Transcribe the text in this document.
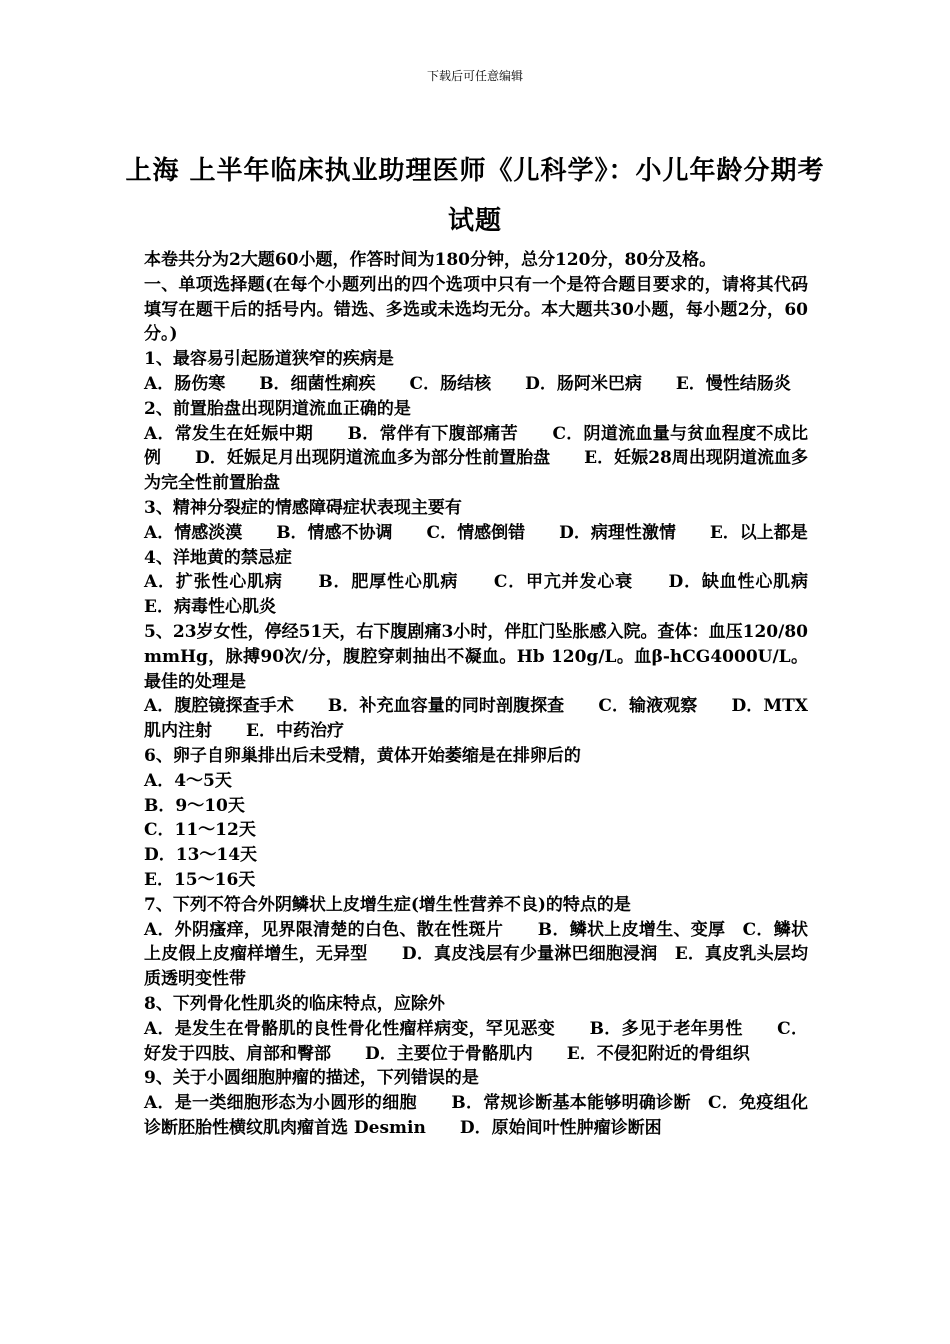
下载后可任意编辑
上海 上半年临床执业助理医师《儿科学》：小儿年龄分期考试题

本卷共分为2大题60小题，作答时间为180分钟，总分120分，80分及格。

一、单项选择题(在每个小题列出的四个选项中只有一个是符合题目要求的，请将其代码填写在题干后的括号内。错选、多选或未选均无分。本大题共30小题，每小题2分，60分。)

1、最容易引起肠道狭窄的疾病是

A．肠伤寒　　B．细菌性痢疾　　C．肠结核　　D．肠阿米巴病　　E．慢性结肠炎

2、前置胎盘出现阴道流血正确的是

A．常发生在妊娠中期　　B．常伴有下腹部痛苦　　C．阴道流血量与贫血程度不成比例　　D．妊娠足月出现阴道流血多为部分性前置胎盘　　E．妊娠28周出现阴道流血多为完全性前置胎盘

3、精神分裂症的情感障碍症状表现主要有

A．情感淡漠　　B．情感不协调　　C．情感倒错　　D．病理性激情　　E．以上都是

4、洋地黄的禁忌症

A．扩张性心肌病　　B．肥厚性心肌病　　C．甲亢并发心衰　　D．缺血性心肌病　　E．病毒性心肌炎

5、23岁女性，停经51天，右下腹剧痛3小时，伴肛门坠胀感入院。查体：血压120/80mmHg，脉搏90次/分，腹腔穿刺抽出不凝血。Hb 120g/L。血β-hCG4000U/L。最佳的处理是

A．腹腔镜探查手术　　B．补充血容量的同时剖腹探查　　C．输液观察　　D．MTX肌内注射　　E．中药治疗

6、卵子自卵巢排出后未受精，黄体开始萎缩是在排卵后的

A．4～5天

B．9～10天

C．11～12天

D．13～14天

E．15～16天

7、下列不符合外阴鳞状上皮增生症(增生性营养不良)的特点的是

A．外阴瘙痒，见界限清楚的白色、散在性斑片　　B．鳞状上皮增生、变厚　C．鳞状上皮假上皮瘤样增生，无异型　　D．真皮浅层有少量淋巴细胞浸润　E．真皮乳头层均质透明变性带

8、下列骨化性肌炎的临床特点，应除外

A．是发生在骨骼肌的良性骨化性瘤样病变，罕见恶变　　B．多见于老年男性　　C．好发于四肢、肩部和臀部　　D．主要位于骨骼肌内　　E．不侵犯附近的骨组织

9、关于小圆细胞肿瘤的描述，下列错误的是

A．是一类细胞形态为小圆形的细胞　　B．常规诊断基本能够明确诊断　C．免疫组化诊断胚胎性横纹肌肉瘤首选 Desmin　　D．原始间叶性肿瘤诊断困
